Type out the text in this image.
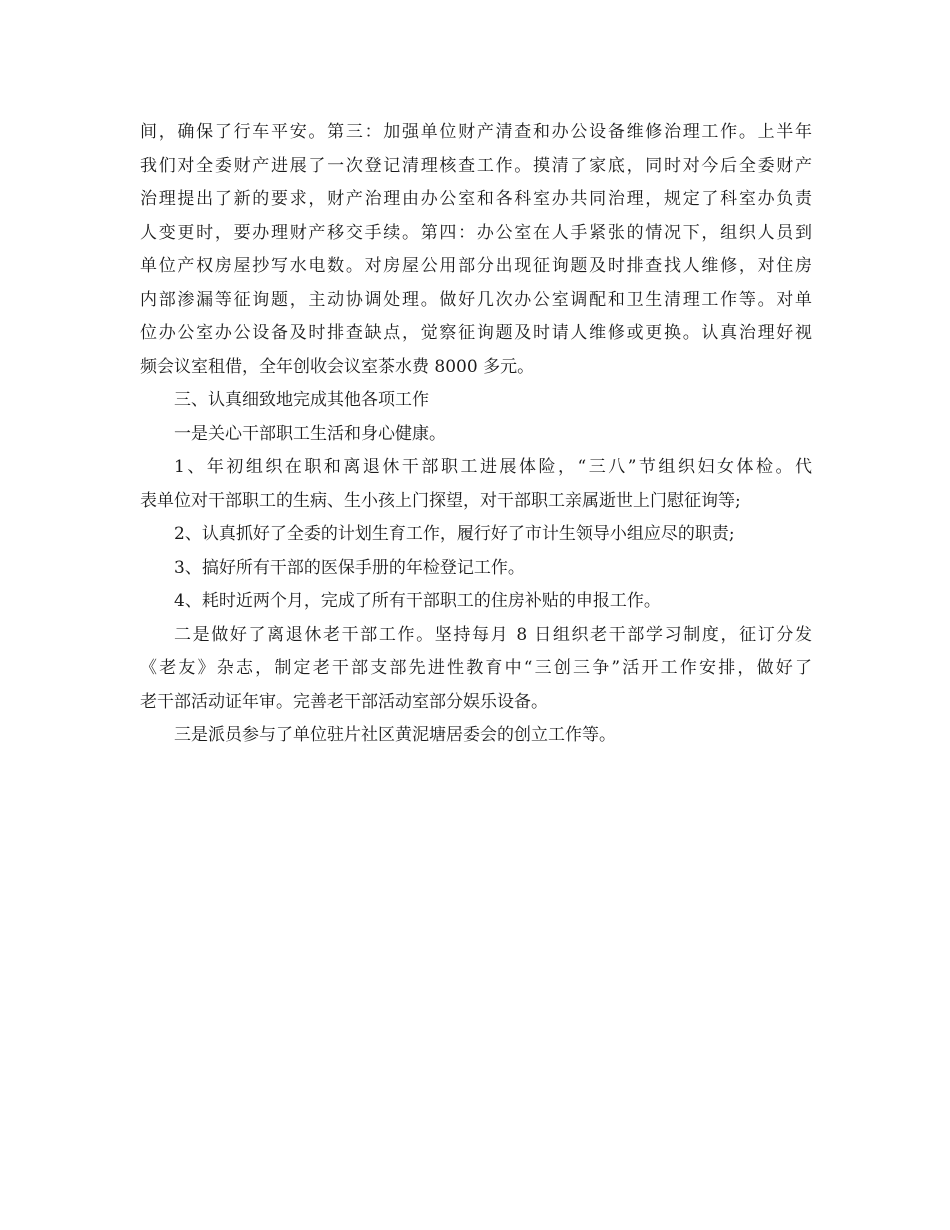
间，确保了行车平安。第三：加强单位财产清查和办公设备维修治理工作。上半年
我们对全委财产进展了一次登记清理核查工作。摸清了家底，同时对今后全委财产
治理提出了新的要求，财产治理由办公室和各科室办共同治理，规定了科室办负责
人变更时，要办理财产移交手续。第四：办公室在人手紧张的情况下，组织人员到
单位产权房屋抄写水电数。对房屋公用部分出现征询题及时排查找人维修，对住房
内部渗漏等征询题，主动协调处理。做好几次办公室调配和卫生清理工作等。对单
位办公室办公设备及时排查缺点，觉察征询题及时请人维修或更换。认真治理好视
频会议室租借，全年创收会议室茶水费 8000 多元。
三、认真细致地完成其他各项工作
一是关心干部职工生活和身心健康。
1、年初组织在职和离退休干部职工进展体险，“三八”节组织妇女体检。代
表单位对干部职工的生病、生小孩上门探望，对干部职工亲属逝世上门慰征询等;
2、认真抓好了全委的计划生育工作，履行好了市计生领导小组应尽的职责;
3、搞好所有干部的医保手册的年检登记工作。
4、耗时近两个月，完成了所有干部职工的住房补贴的申报工作。
二是做好了离退休老干部工作。坚持每月 8 日组织老干部学习制度，征订分发
《老友》杂志，制定老干部支部先进性教育中“三创三争”活开工作安排，做好了
老干部活动证年审。完善老干部活动室部分娱乐设备。
三是派员参与了单位驻片社区黄泥塘居委会的创立工作等。
